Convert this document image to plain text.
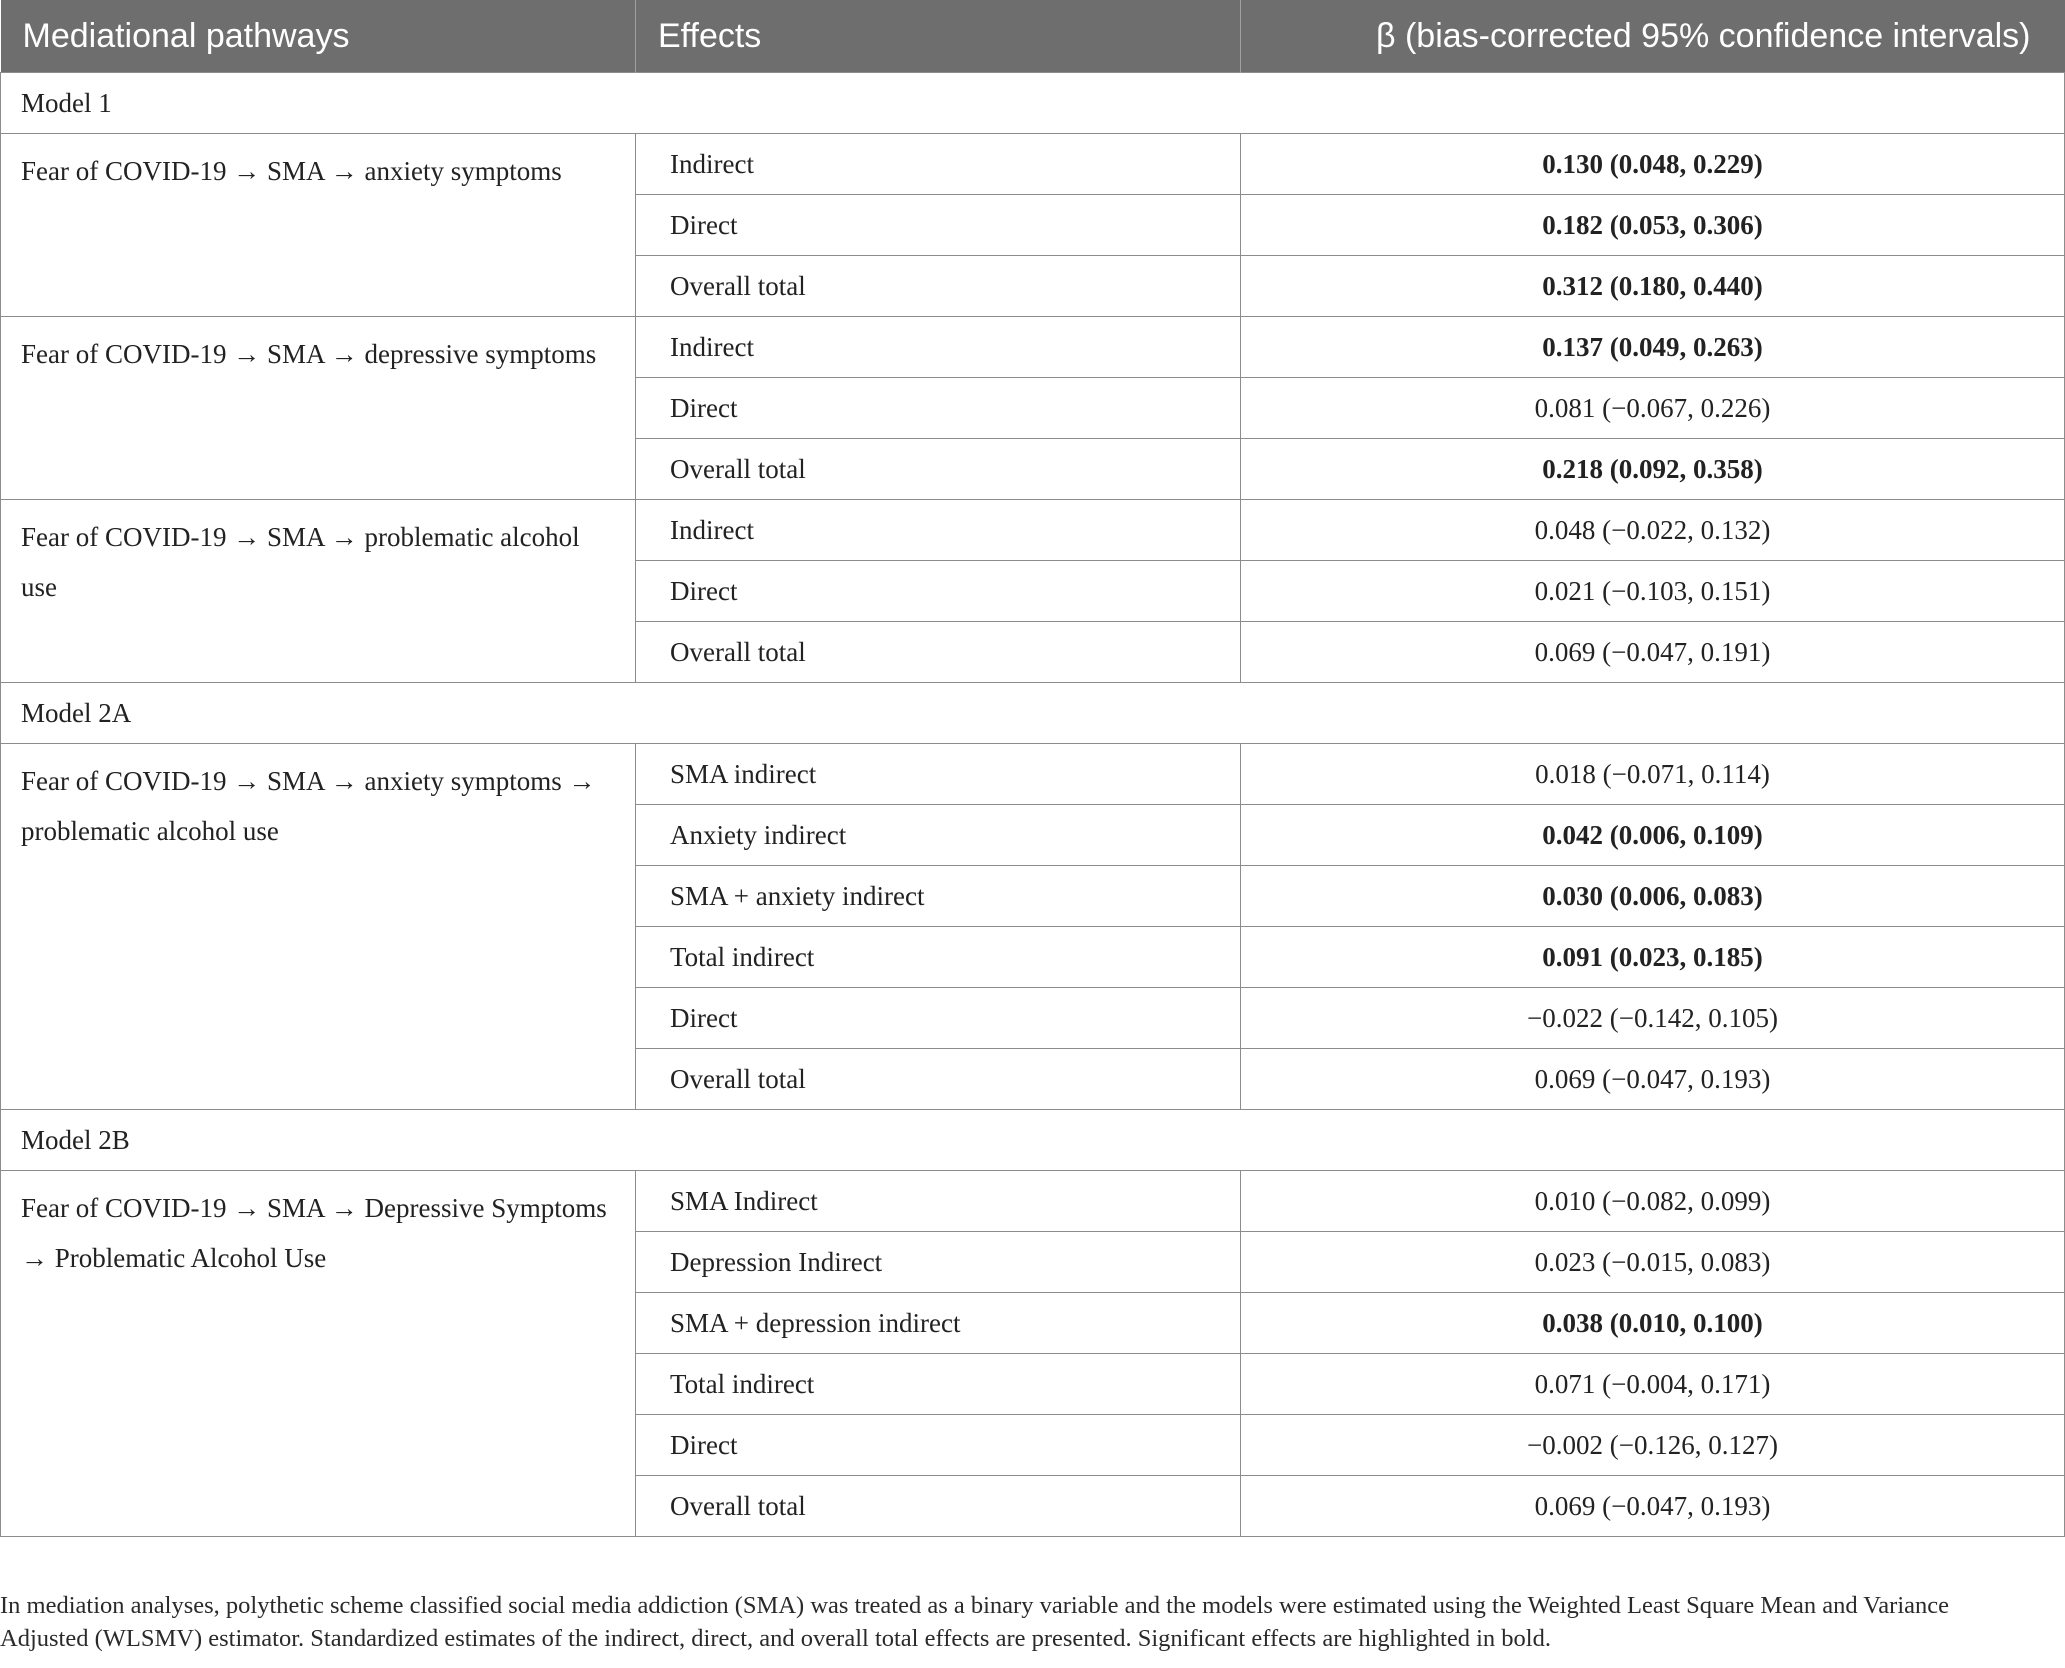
Mediational pathways	Effects	β (bias-corrected 95% confidence intervals)
Model 1		
Fear of COVID-19 → SMA → anxiety symptoms	Indirect	0.130 (0.048, 0.229)
	Direct	0.182 (0.053, 0.306)
	Overall total	0.312 (0.180, 0.440)
Fear of COVID-19 → SMA → depressive symptoms	Indirect	0.137 (0.049, 0.263)
	Direct	0.081 (−0.067, 0.226)
	Overall total	0.218 (0.092, 0.358)
Fear of COVID-19 → SMA → problematic alcohol use	Indirect	0.048 (−0.022, 0.132)
	Direct	0.021 (−0.103, 0.151)
	Overall total	0.069 (−0.047, 0.191)
Model 2A		
Fear of COVID-19 → SMA → anxiety symptoms → problematic alcohol use	SMA indirect	0.018 (−0.071, 0.114)
	Anxiety indirect	0.042 (0.006, 0.109)
	SMA + anxiety indirect	0.030 (0.006, 0.083)
	Total indirect	0.091 (0.023, 0.185)
	Direct	−0.022 (−0.142, 0.105)
	Overall total	0.069 (−0.047, 0.193)
Model 2B		
Fear of COVID-19 → SMA → Depressive Symptoms → Problematic Alcohol Use	SMA Indirect	0.010 (−0.082, 0.099)
	Depression Indirect	0.023 (−0.015, 0.083)
	SMA + depression indirect	0.038 (0.010, 0.100)
	Total indirect	0.071 (−0.004, 0.171)
	Direct	−0.002 (−0.126, 0.127)
	Overall total	0.069 (−0.047, 0.193)

In mediation analyses, polythetic scheme classified social media addiction (SMA) was treated as a binary variable and the models were estimated using the Weighted Least Square Mean and Variance Adjusted (WLSMV) estimator. Standardized estimates of the indirect, direct, and overall total effects are presented. Significant effects are highlighted in bold.
